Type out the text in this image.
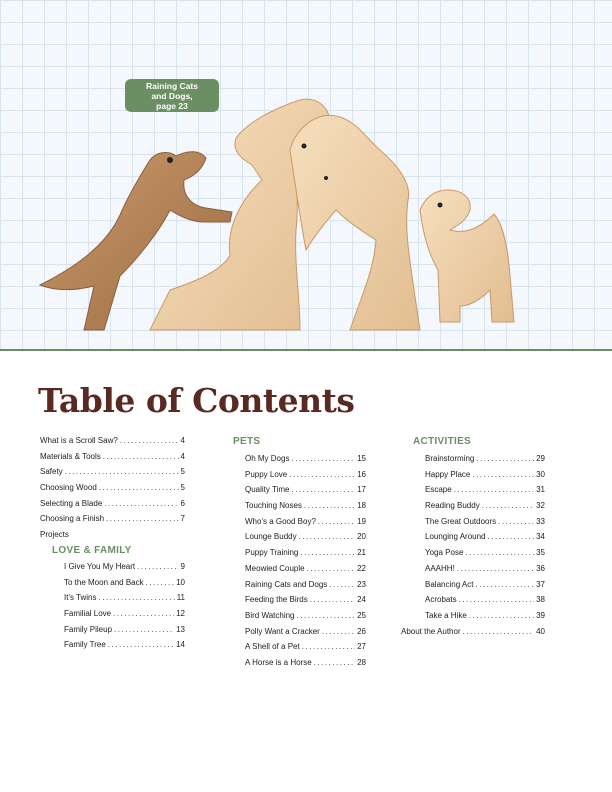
Raining Cats
and Dogs,
page 23
Table of Contents
What is a Scroll Saw? .....	4
Materials & Tools .....	4
Safety .....	5
Choosing Wood .....	5
Selecting a Blade .....	6
Choosing a Finish .....	7
Projects
LOVE & FAMILY
I Give You My Heart .....	9
To the Moon and Back .....	10
It's Twins .....	11
Familial Love .....	12
Family Pileup .....	13
Family Tree .....	14
PETS
Oh My Dogs .....	15
Puppy Love .....	16
Quality Time .....	17
Touching Noses .....	18
Who's a Good Boy? .....	19
Lounge Buddy .....	20
Puppy Training .....	21
Meowied Couple .....	22
Raining Cats and Dogs .....	23
Feeding the Birds .....	24
Bird Watching .....	25
Polly Want a Cracker .....	26
A Shell of a Pet .....	27
A Horse is a Horse .....	28
ACTIVITIES
Brainstorming .....	29
Happy Place .....	30
Escape .....	31
Reading Buddy .....	32
The Great Outdoors .....	33
Lounging Around .....	34
Yoga Pose .....	35
AAAHH! .....	36
Balancing Act .....	37
Acrobats .....	38
Take a Hike .....	39
About the Author .....	40
